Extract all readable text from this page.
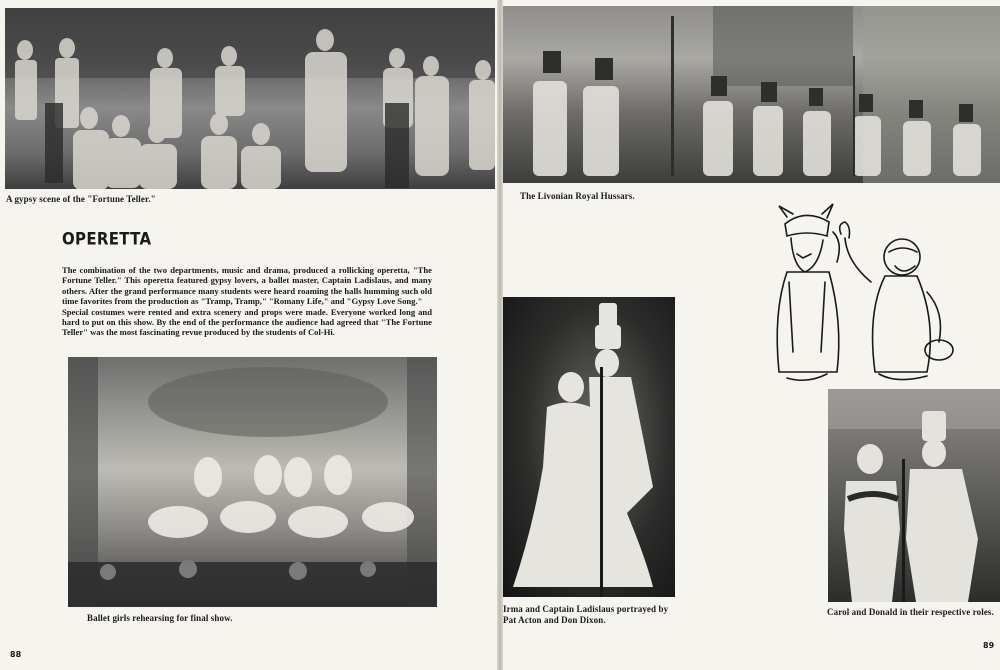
A gypsy scene of the "Fortune Teller."
OPERETTA

The combination of the two departments, music and drama, produced a rollicking operetta, "The Fortune Teller." This operetta featured gypsy lovers, a ballet master, Captain Ladislaus, and many others. After the grand performance many students were heard roaming the halls humming such old time favorites from the production as "Tramp, Tramp," "Romany Life," and "Gypsy Love Song."

Special costumes were rented and extra scenery and props were made. Everyone worked long and hard to put on this show. By the end of the performance the audience had agreed that "The Fortune Teller" was the most fascinating revue produced by the students of Col-Hi.

Ballet girls rehearsing for final show.
88
The Livonian Royal Hussars.
Irma and Captain Ladislaus portrayed by
Pat Acton and Don Dixon.
Carol and Donald in their respective roles.
89
